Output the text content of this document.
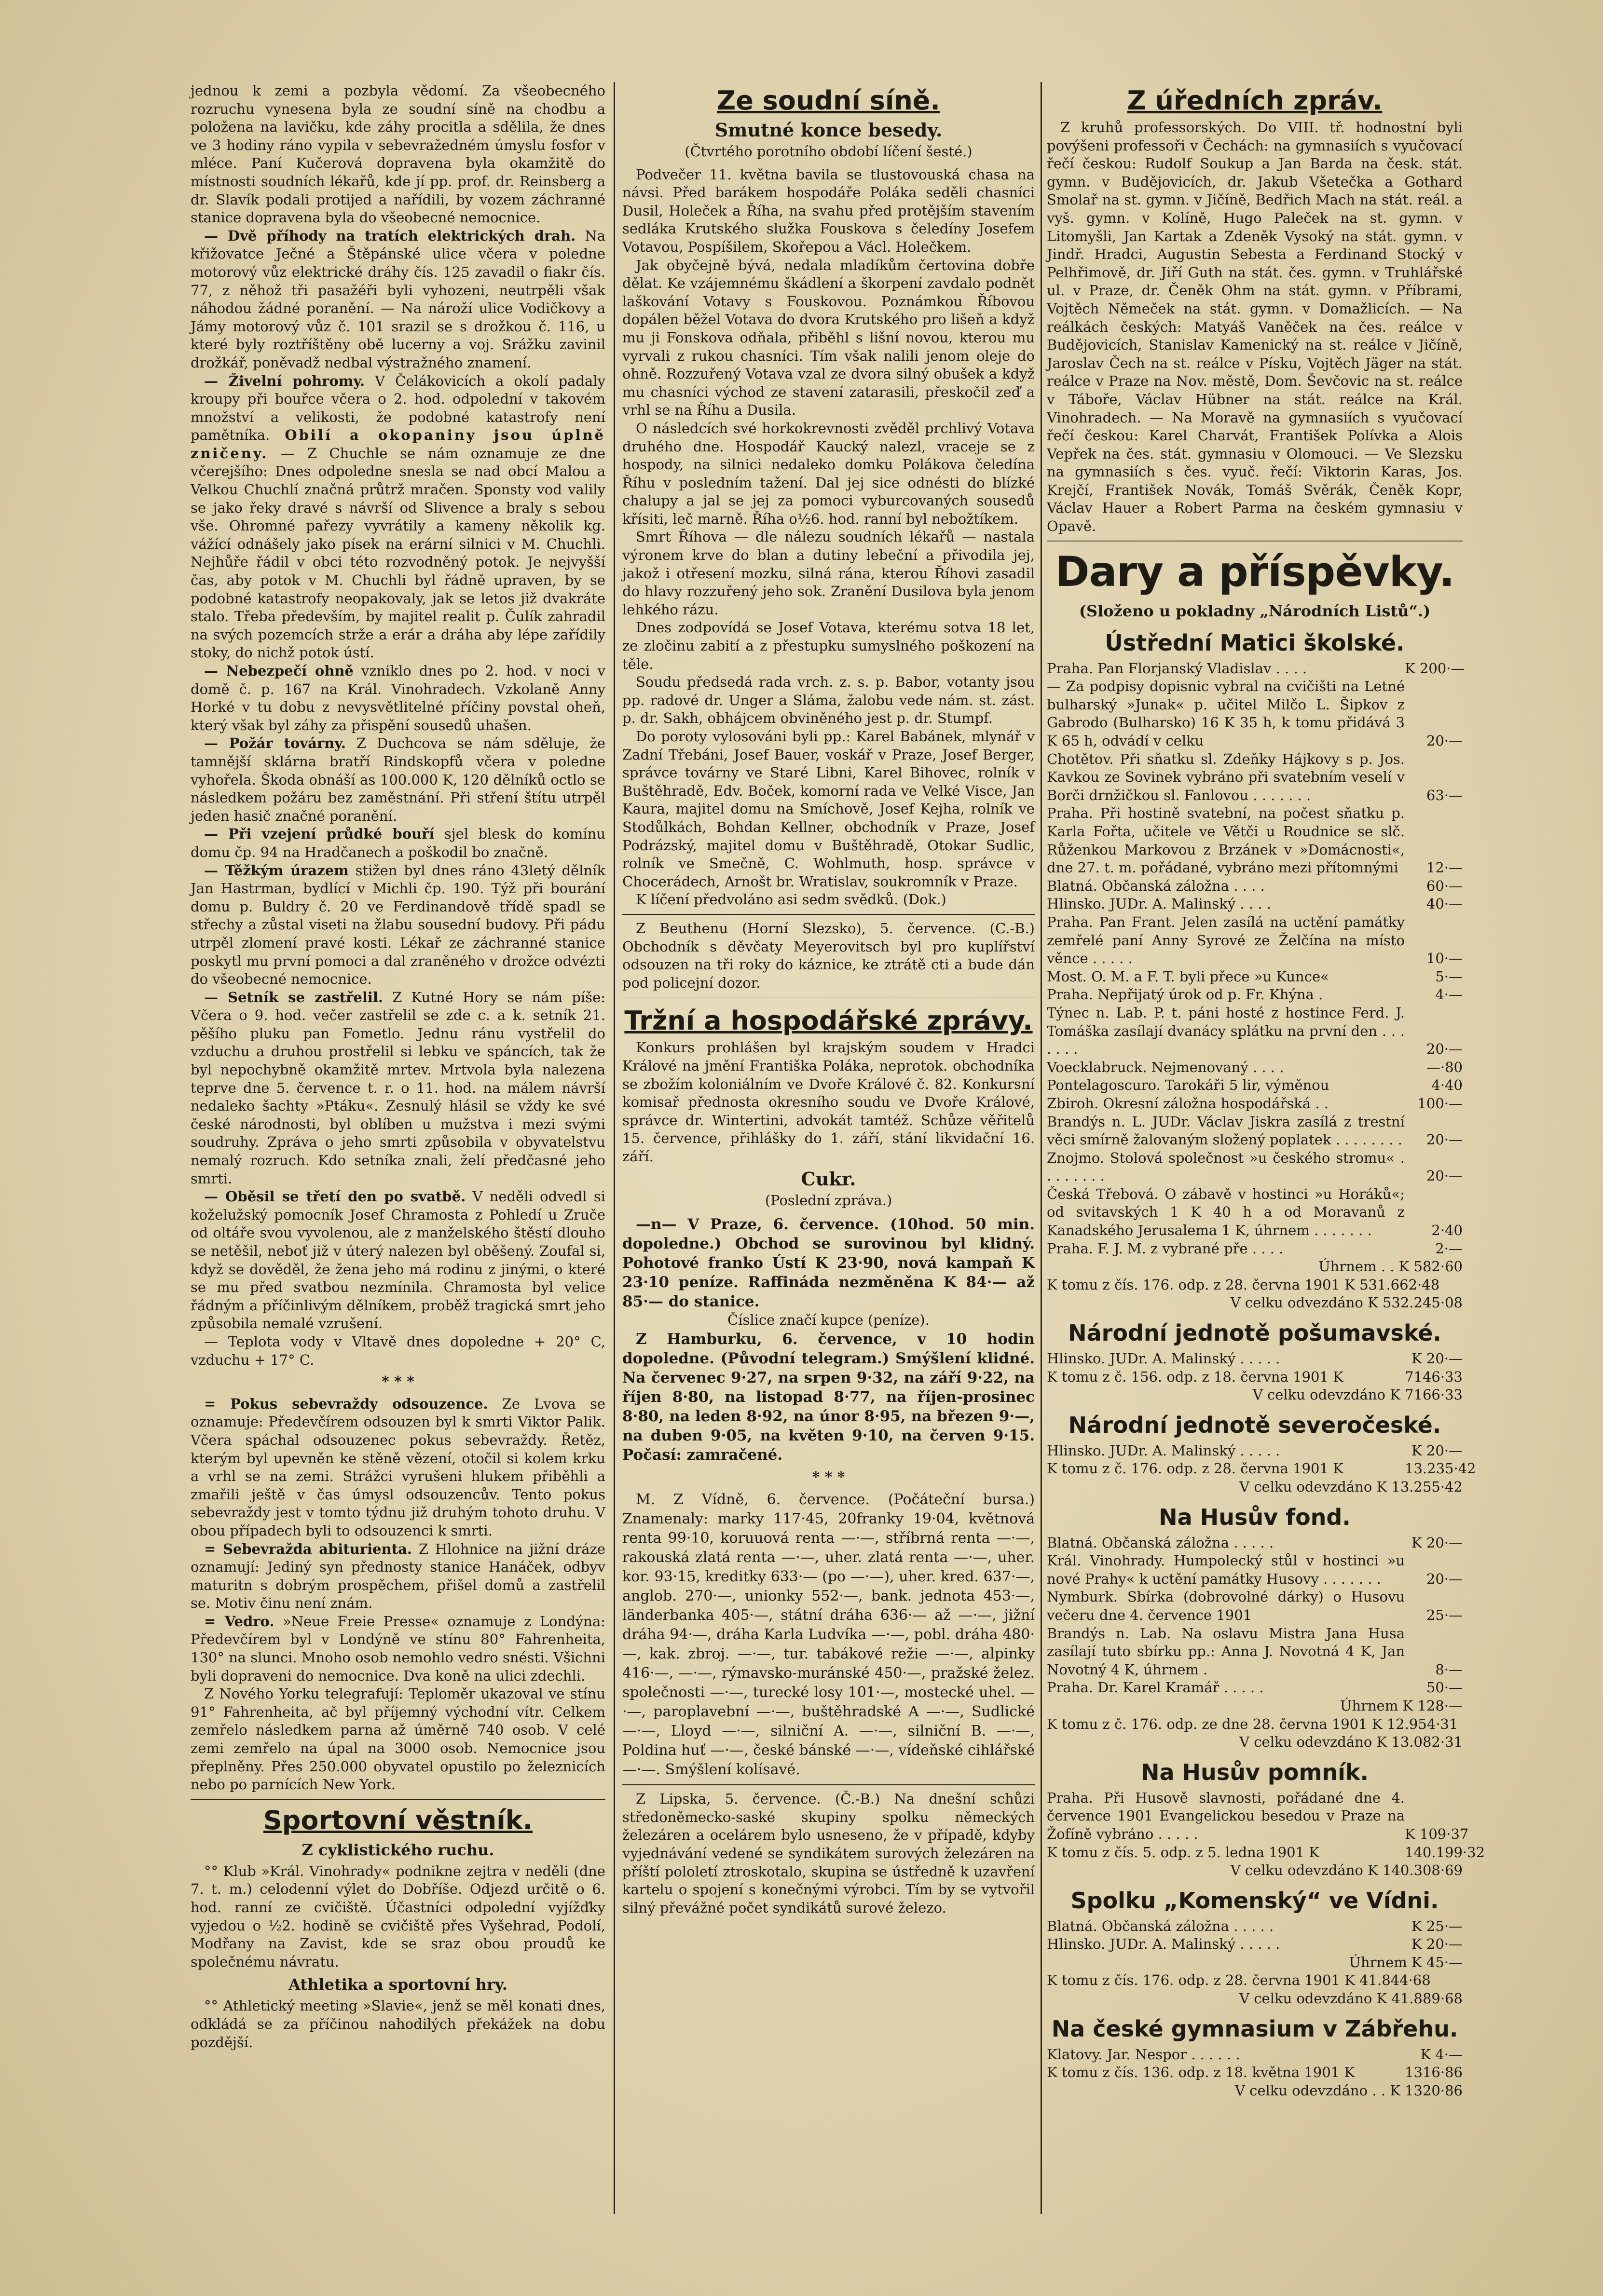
jednou k zemi a pozbyla vědomí. Za všeobecného rozruchu vynesena byla ze soudní síně na chodbu a položena na lavičku, kde záhy procitla a sdělila, že dnes ve 3 hodiny ráno vypila v sebevražedném úmyslu fosfor v mléce. Paní Kučerová dopravena byla okamžitě do místnosti soudních lékařů, kde jí pp. prof. dr. Reinsberg a dr. Slavík podali protijed a nařídili, by vozem záchranné stanice dopravena byla do všeobecné nemocnice.

— Dvě příhody na tratích elektrických drah. Na křižovatce Ječné a Štěpánské ulice včera v poledne motorový vůz elektrické dráhy čís. 125 zavadil o fiakr čís. 77, z něhož tři pasažéři byli vyhozeni, neutrpěli však náhodou žádné poranění. — Na nároží ulice Vodičkovy a Jámy motorový vůz č. 101 srazil se s drožkou č. 116, u které byly roztříštěny obě lucerny a voj. Srážku zavinil drožkář, poněvadž nedbal výstražného znamení.

— Živelní pohromy. V Čelákovicích a okolí padaly kroupy při bouřce včera o 2. hod. odpolední v takovém množství a velikosti, že podobné katastrofy není pamětníka. Obilí a okopaniny jsou úplně zničeny. — Z Chuchle se nám oznamuje ze dne včerejšího: Dnes odpoledne snesla se nad obcí Malou a Velkou Chuchlí značná průtrž mračen. Sponsty vod valily se jako řeky dravé s návrší od Slivence a braly s sebou vše. Ohromné pařezy vyvrátily a kameny několik kg. vážící odnášely jako písek na erární silnici v M. Chuchli. Nejhůře řádil v obci této rozvodněný potok. Je nejvyšší čas, aby potok v M. Chuchli byl řádně upraven, by se podobné katastrofy neopakovaly, jak se letos již dvakráte stalo. Třeba především, by majitel realit p. Čulík zahradil na svých pozemcích strže a erár a dráha aby lépe zařídily stoky, do nichž potok ústí.

— Nebezpečí ohně vzniklo dnes po 2. hod. v noci v domě č. p. 167 na Král. Vinohradech. Vzkolaně Anny Horké v tu dobu z nevysvětlitelné příčiny povstal oheň, který však byl záhy za přispění sousedů uhašen.

— Požár továrny. Z Duchcova se nám sděluje, že tamnější sklárna bratří Rindskopfů včera v poledne vyhořela. Škoda obnáší as 100.000 K, 120 dělníků octlo se následkem požáru bez zaměstnání. Při stření štítu utrpěl jeden hasič značné poranění.

— Při vzejení průdké bouří sjel blesk do komínu domu čp. 94 na Hradčanech a poškodil bo značně.

— Těžkým úrazem stižen byl dnes ráno 43letý dělník Jan Hastrman, bydlící v Michli čp. 190. Týž při bourání domu p. Buldry č. 20 ve Ferdinandově třídě spadl se střechy a zůstal viseti na žlabu sousední budovy. Při pádu utrpěl zlomení pravé kosti. Lékař ze záchranné stanice poskytl mu první pomoci a dal zraněného v drožce odvézti do všeobecné nemocnice.

— Setník se zastřelil. Z Kutné Hory se nám píše: Včera o 9. hod. večer zastřelil se zde c. a k. setník 21. pěšího pluku pan Fometlo. Jednu ránu vystřelil do vzduchu a druhou prostřelil si lebku ve spáncích, tak že byl nepochybně okamžitě mrtev. Mrtvola byla nalezena teprve dne 5. července t. r. o 11. hod. na málem návrší nedaleko šachty »Ptáku«. Zesnulý hlásil se vždy ke své české národnosti, byl oblíben u mužstva i mezi svými soudruhy. Zpráva o jeho smrti způsobila v obyvatelstvu nemalý rozruch. Kdo setníka znali, želí předčasné jeho smrti.

— Oběsil se třetí den po svatbě. V neděli odvedl si koželužský pomocník Josef Chramosta z Pohledí u Zruče od oltáře svou vyvolenou, ale z manželského štěstí dlouho se netěšil, neboť již v úterý nalezen byl oběšený. Zoufal si, když se dověděl, že žena jeho má rodinu z jinými, o které se mu před svatbou nezmínila. Chramosta byl velice řádným a příčinlivým dělníkem, proběž tragická smrt jeho způsobila nemalé vzrušení.

— Teplota vody v Vltavě dnes dopoledne + 20° C, vzduchu + 17° C.

* * *

= Pokus sebevraždy odsouzence. Ze Lvova se oznamuje: Předevčírem odsouzen byl k smrti Viktor Palik. Včera spáchal odsouzenec pokus sebevraždy. Řetěz, kterým byl upevněn ke stěně vězení, otočil si kolem krku a vrhl se na zemi. Strážci vyrušeni hlukem přiběhli a zmařili ještě v čas úmysl odsouzencův. Tento pokus sebevraždy jest v tomto týdnu již druhým tohoto druhu. V obou případech byli to odsouzenci k smrti.

= Sebevražda abiturienta. Z Hlohnice na jižní dráze oznamují: Jediný syn přednosty stanice Hanáček, odbyv maturitn s dobrým prospěchem, přišel domů a zastřelil se. Motiv činu není znám.

= Vedro. »Neue Freie Presse« oznamuje z Londýna: Předevčírem byl v Londýně ve stínu 80° Fahrenheita, 130° na slunci. Mnoho osob nemohlo vedro snésti. Všichni byli dopraveni do nemocnice. Dva koně na ulici zdechli.

Z Nového Yorku telegrafují: Teploměr ukazoval ve stínu 91° Fahrenheita, ač byl příjemný východní vítr. Celkem zemřelo následkem parna až úměrně 740 osob. V celé zemi zemřelo na úpal na 3000 osob. Nemocnice jsou přeplněny. Přes 250.000 obyvatel opustilo po železnicích nebo po parnících New York.

Sportovní věstník.
Z cyklistického ruchu.

°° Klub »Král. Vinohrady« podnikne zejtra v neděli (dne 7. t. m.) celodenní výlet do Dobříše. Odjezd určitě o 6. hod. ranní ze cvičiště. Účastníci odpolední vyjížďky vyjedou o ½2. hodině se cvičiště přes Vyšehrad, Podolí, Modřany na Zavist, kde se sraz obou proudů ke společnému návratu.

Athletika a sportovní hry.

°° Athletický meeting »Slavie«, jenž se měl konati dnes, odkládá se za příčinou nahodilých překážek na dobu pozdější.

Ze soudní síně.
Smutné konce besedy.
(Čtvrtého porotního období líčení šesté.)

Podvečer 11. května bavila se tlustovouská chasa na návsi. Před barákem hospodáře Poláka seděli chasníci Dusil, Holeček a Říha, na svahu před protějším stavením sedláka Krutského služka Fouskova s čeledíny Josefem Votavou, Pospíšilem, Skořepou a Václ. Holečkem.

Jak obyčejně bývá, nedala mladíkům čertovina dobře dělat. Ke vzájemnému škádlení a škorpení zavdalo podnět laškování Votavy s Fouskovou. Poznámkou Říbovou dopálen běžel Votava do dvora Krutského pro lišeň a když mu ji Fonskova odňala, přiběhl s lišní novou, kterou mu vyrvali z rukou chasníci. Tím však nalili jenom oleje do ohně. Rozzuřený Votava vzal ze dvora silný obušek a když mu chasníci východ ze stavení zatarasili, přeskočil zeď a vrhl se na Říhu a Dusila.

O následcích své horkokrevnosti zvěděl prchlivý Votava druhého dne. Hospodář Kaucký nalezl, vraceje se z hospody, na silnici nedaleko domku Polákova čeledína Říhu v posledním tažení. Dal jej sice odnésti do blízké chalupy a jal se jej za pomoci vyburcovaných sousedů křísiti, leč marně. Říha o½6. hod. ranní byl nebožtíkem.

Smrt Říhova — dle nálezu soudních lékařů — nastala výronem krve do blan a dutiny lebeční a přivodila jej, jakož i otřesení mozku, silná rána, kterou Říhovi zasadil do hlavy rozzuřený jeho sok. Zranění Dusilova byla jenom lehkého rázu.

Dnes zodpovídá se Josef Votava, kterému sotva 18 let, ze zločinu zabití a z přestupku sumyslného poškození na těle.

Soudu předsedá rada vrch. z. s. p. Babor, votanty jsou pp. radové dr. Unger a Sláma, žalobu vede nám. st. zást. p. dr. Sakh, obhájcem obviněného jest p. dr. Stumpf.

Do poroty vylosováni byli pp.: Karel Babánek, mlynář v Zadní Třebáni, Josef Bauer, voskář v Praze, Josef Berger, správce továrny ve Staré Libni, Karel Bihovec, rolník v Buštěhradě, Edv. Boček, komorní rada ve Velké Visce, Jan Kaura, majitel domu na Smíchově, Josef Kejha, rolník ve Stodůlkách, Bohdan Kellner, obchodník v Praze, Josef Podrázský, majitel domu v Buštěhradě, Otokar Sudlic, rolník ve Smečně, C. Wohlmuth, hosp. správce v Chocerádech, Arnošt br. Wratislav, soukromník v Praze.

K líčení předvoláno asi sedm svědků. (Dok.)

Z Beuthenu (Horní Slezsko), 5. července. (C.-B.) Obchodník s děvčaty Meyerovitsch byl pro kuplířství odsouzen na tři roky do káznice, ke ztrátě cti a bude dán pod policejní dozor.

Tržní a hospodářské zprávy.

Konkurs prohlášen byl krajským soudem v Hradci Králové na jmění Františka Poláka, neprotok. obchodníka se zbožím koloniálním ve Dvoře Králové č. 82. Konkursní komisař přednosta okresního soudu ve Dvoře Králové, správce dr. Wintertini, advokát tamtéž. Schůze věřitelů 15. července, přihlášky do 1. září, stání likvidační 16. září.

Cukr.
(Poslední zpráva.)

—n— V Praze, 6. července. (10hod. 50 min. dopoledne.) Obchod se surovinou byl klidný. Pohotové franko Ústí K 23·90, nová kampaň K 23·10 peníze. Raffináda nezměněna K 84·— až 85·— do stanice.

Číslice značí kupce (peníze).

Z Hamburku, 6. července, v 10 hodin dopoledne. (Původní telegram.) Smýšlení klidné. Na červenec 9·27, na srpen 9·32, na září 9·22, na říjen 8·80, na listopad 8·77, na říjen-prosinec 8·80, na leden 8·92, na únor 8·95, na březen 9·—, na duben 9·05, na květen 9·10, na červen 9·15. Počasí: zamračené.

* * *

M. Z Vídně, 6. července. (Počáteční bursa.) Znamenaly: marky 117·45, 20franky 19·04, květnová renta 99·10, koruuová renta —·—, stříbrná renta —·—, rakouská zlatá renta —·—, uher. zlatá renta —·—, uher. kor. 93·15, kreditky 633·— (po —·—), uher. kred. 637·—, anglob. 270·—, unionky 552·—, bank. jednota 453·—, länderbanka 405·—, státní dráha 636·— až —·—, jižní dráha 94·—, dráha Karla Ludvíka —·—, pobl. dráha 480·—, kak. zbroj. —·—, tur. tabákové režie —·—, alpinky 416·—, —·—, rýmavsko-muránské 450·—, pražské želez. společnosti —·—, turecké losy 101·—, mostecké uhel. —·—, paroplavební —·—, buštěhradské A —·—, Sudlické —·—, Lloyd —·—, silniční A. —·—, silniční B. —·—, Poldina huť —·—, české bánské —·—, vídeňské cihlářské —·—. Smýšlení kolísavé.

Z Lipska, 5. července. (Č.-B.) Na dnešní schůzi středoněmecko-saské skupiny spolku německých železáren a ocelárem bylo usneseno, že v případě, kdyby vyjednávání vedené se syndikátem surových železáren na příští pololetí ztroskotalo, skupina se ústředně k uzavření kartelu o spojení s konečnými výrobci. Tím by se vytvořil silný převážné počet syndikátů surové železo.

Z úředních zpráv.

Z kruhů professorských. Do VIII. tř. hodnostní byli povýšeni professoři v Čechách: na gymnasiích s vyučovací řečí českou: Rudolf Soukup a Jan Barda na česk. stát. gymn. v Budějovicích, dr. Jakub Všetečka a Gothard Smolař na st. gymn. v Jičíně, Bedřich Mach na stát. reál. a vyš. gymn. v Kolíně, Hugo Paleček na st. gymn. v Litomyšli, Jan Kartak a Zdeněk Vysoký na stát. gymn. v Jindř. Hradci, Augustin Sebesta a Ferdinand Stocký v Pelhřimově, dr. Jiří Guth na stát. čes. gymn. v Truhlářské ul. v Praze, dr. Čeněk Ohm na stát. gymn. v Příbrami, Vojtěch Němeček na stát. gymn. v Domažlicích. — Na reálkách českých: Matyáš Vaněček na čes. reálce v Budějovicích, Stanislav Kamenický na st. reálce v Jičíně, Jaroslav Čech na st. reálce v Písku, Vojtěch Jäger na stát. reálce v Praze na Nov. městě, Dom. Ševčovic na st. reálce v Táboře, Václav Hübner na stát. reálce na Král. Vinohradech. — Na Moravě na gymnasiích s vyučovací řečí českou: Karel Charvát, František Polívka a Alois Vepřek na čes. stát. gymnasiu v Olomouci. — Ve Slezsku na gymnasiích s čes. vyuč. řečí: Viktorin Karas, Jos. Krejčí, František Novák, Tomáš Svěrák, Čeněk Kopr, Václav Hauer a Robert Parma na českém gymnasiu v Opavě.

Dary a příspěvky.
(Složeno u pokladny „Národních Listů“.)
Ústřední Matici školské.
Praha. Pan Florjanský Vladislav . . . .	K 200·—
— Za podpisy dopisnic vybral na cvičišti na Letné bulharský »Junak« p. učitel Milčo L. Šipkov z Gabrodo (Bulharsko) 16 K 35 h, k tomu přidává 3 K 65 h, odvádí v celku	20·—
Chotětov. Při sňatku sl. Zdeňky Hájkovy s p. Jos. Kavkou ze Sovinek vybráno při svatebním veselí v Borči drnžičkou sl. Fanlovou . . . . . . .	63·—
Praha. Při hostině svatební, na počest sňatku p. Karla Fořta, učitele ve Větči u Roudnice se slč. Růženkou Markovou z Brzánek v »Domácnosti«, dne 27. t. m. pořádané, vybráno mezi přítomnými	12·—
Blatná. Občanská záložna . . . .	60·—
Hlinsko. JUDr. A. Malinský . . . .	40·—
Praha. Pan Frant. Jelen zasílá na uctění památky zemřelé paní Anny Syrové ze Želčína na místo věnce . . . . .	10·—
Most. O. M. a F. T. byli přece »u Kunce«	5·—
Praha. Nepřijatý úrok od p. Fr. Khýna .	4·—
Týnec n. Lab. P. t. páni hosté z hostince Ferd. J. Tomáška zasílají dvanácy splátku na první den . . . . . . .	20·—
Voecklabruck. Nejmenovaný . . . .	—·80
Pontelagoscuro. Tarokáři 5 lir, výměnou	4·40
Zbiroh. Okresní záložna hospodářská . .	100·—
Brandýs n. L. JUDr. Václav Jiskra zasílá z trestní věci smírně žalovaným složený poplatek . . . . . . . .	20·—
Znojmo. Stolová společnost »u českého stromu« . . . . . . . .	20·—
Česká Třebová. O zábavě v hostinci »u Horáků«; od svitavských 1 K 40 h a od Moravanů z Kanadského Jerusalema 1 K, úhrnem . . . . . . .	2·40
Praha. F. J. M. z vybrané pře . . . .	2·—
Úhrnem . . K 582·60
K tomu z čís. 176. odp. z 28. června 1901 K 531.662·48
V celku odvezdáno K 532.245·08
Národní jednotě pošumavské.
Hlinsko. JUDr. A. Malinský . . . . .	K 20·—
K tomu z č. 156. odp. z 18. června 1901 K	7146·33
V celku odevzdáno K 7166·33
Národní jednotě severočeské.
Hlinsko. JUDr. A. Malinský . . . . .	K 20·—
K tomu z č. 176. odp. z 28. června 1901 K	13.235·42
V celku odevzdáno K 13.255·42
Na Husův fond.
Blatná. Občanská záložna . . . . .	K 20·—
Král. Vinohrady. Humpolecký stůl v hostinci »u nové Prahy« k uctění památky Husovy . . . . . . .	20·—
Nymburk. Sbírka (dobrovolné dárky) o Husovu večeru dne 4. července 1901	25·—
Brandýs n. Lab. Na oslavu Mistra Jana Husa zasílají tuto sbírku pp.: Anna J. Novotná 4 K, Jan Novotný 4 K, úhrnem .	8·—
Praha. Dr. Karel Kramář . . . . .	50·—
Úhrnem K 128·—
K tomu z č. 176. odp. ze dne 28. června 1901 K 12.954·31
V celku odevzdáno K 13.082·31
Na Husův pomník.
Praha. Při Husově slavnosti, pořádané dne 4. července 1901 Evangelickou besedou v Praze na Žofíně vybráno . . . . .	K 109·37
K tomu z čís. 5. odp. z 5. ledna 1901 K	140.199·32
V celku odevzdáno K 140.308·69
Spolku „Komenský“ ve Vídni.
Blatná. Občanská záložna . . . . .	K 25·—
Hlinsko. JUDr. A. Malinský . . . . .	K 20·—
Úhrnem K 45·—
K tomu z čís. 176. odp. z 28. června 1901 K 41.844·68
V celku odevzdáno K 41.889·68
Na české gymnasium v Zábřehu.
Klatovy. Jar. Nespor . . . . . .	K 4·—
K tomu z čís. 136. odp. z 18. května 1901 K	1316·86
V celku odevzdáno . . K 1320·86
